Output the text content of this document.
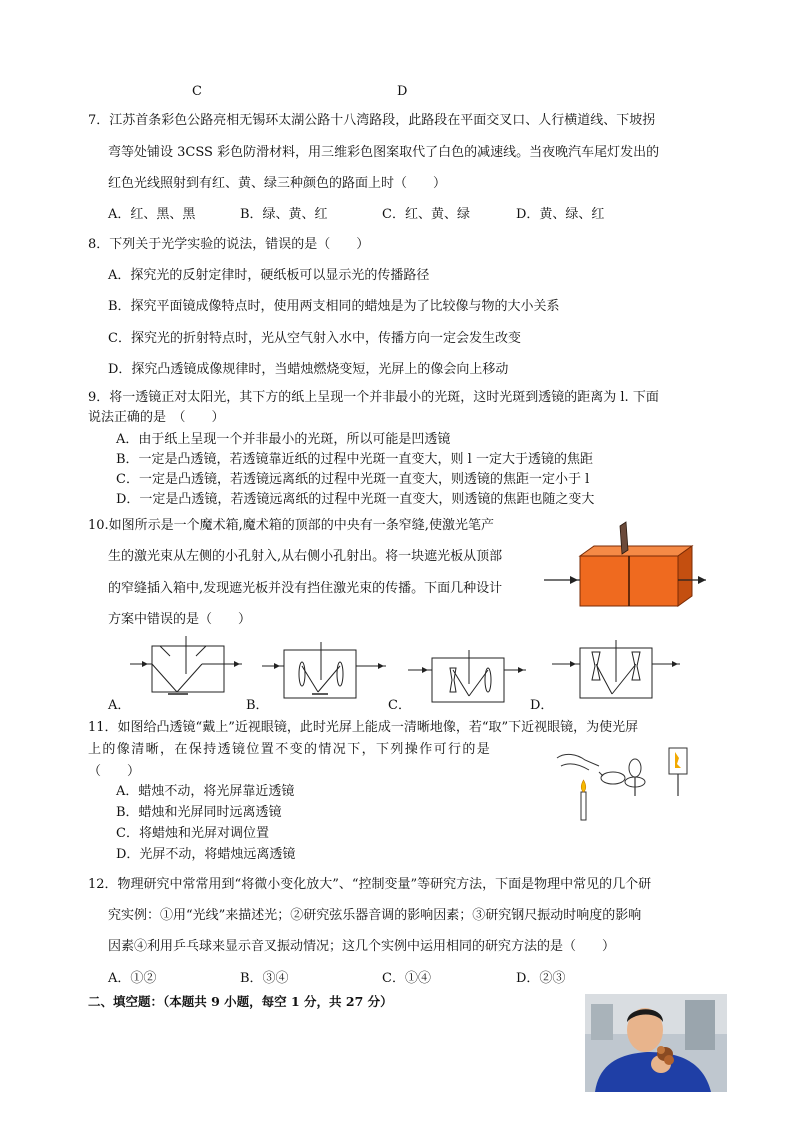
C	D
7．江苏首条彩色公路亮相无锡环太湖公路十八湾路段，此路段在平面交叉口、人行横道线、下坡拐
弯等处铺设 3CSS 彩色防滑材料，用三维彩色图案取代了白色的减速线。当夜晚汽车尾灯发出的
红色光线照射到有红、黄、绿三种颜色的路面上时（　　）
A．红、黑、黑	B．绿、黄、红	C．红、黄、绿	D．黄、绿、红
8．下列关于光学实验的说法，错误的是（　　）
A．探究光的反射定律时，硬纸板可以显示光的传播路径
B．探究平面镜成像特点时，使用两支相同的蜡烛是为了比较像与物的大小关系
C．探究光的折射特点时，光从空气射入水中，传播方向一定会发生改变
D．探究凸透镜成像规律时，当蜡烛燃烧变短，光屏上的像会向上移动
9．将一透镜正对太阳光，其下方的纸上呈现一个并非最小的光斑，这时光斑到透镜的距离为 l. 下面
说法正确的是　（　　）
A．由于纸上呈现一个并非最小的光斑，所以可能是凹透镜
B．一定是凸透镜，若透镜靠近纸的过程中光斑一直变大，则 l 一定大于透镜的焦距
C．一定是凸透镜，若透镜远离纸的过程中光斑一直变大，则透镜的焦距一定小于 l
D．一定是凸透镜，若透镜远离纸的过程中光斑一直变大，则透镜的焦距也随之变大
10.如图所示是一个魔术箱,魔术箱的顶部的中央有一条窄缝,使激光笔产
生的激光束从左侧的小孔射入,从右侧小孔射出。将一块遮光板从顶部
的窄缝插入箱中,发现遮光板并没有挡住激光束的传播。下面几种设计
方案中错误的是（　　）
A．	B．	C．	D．
11．如图给凸透镜“戴上”近视眼镜，此时光屏上能成一清晰地像，若“取”下近视眼镜，为使光屏
上的像清晰，在保持透镜位置不变的情况下，下列操作可行的是
（　　）
A．蜡烛不动，将光屏靠近透镜
B．蜡烛和光屏同时远离透镜
C．将蜡烛和光屏对调位置
D．光屏不动，将蜡烛远离透镜
12．物理研究中常常用到“将微小变化放大”、“控制变量”等研究方法，下面是物理中常见的几个研
究实例：①用“光线”来描述光；②研究弦乐器音调的影响因素；③研究钢尺振动时响度的影响
因素④利用乒乓球来显示音叉振动情况；这几个实例中运用相同的研究方法的是（　　）
A．①②	B．③④	C．①④	D．②③
二、填空题：（本题共 9 小题，每空 1 分，共 27 分）
